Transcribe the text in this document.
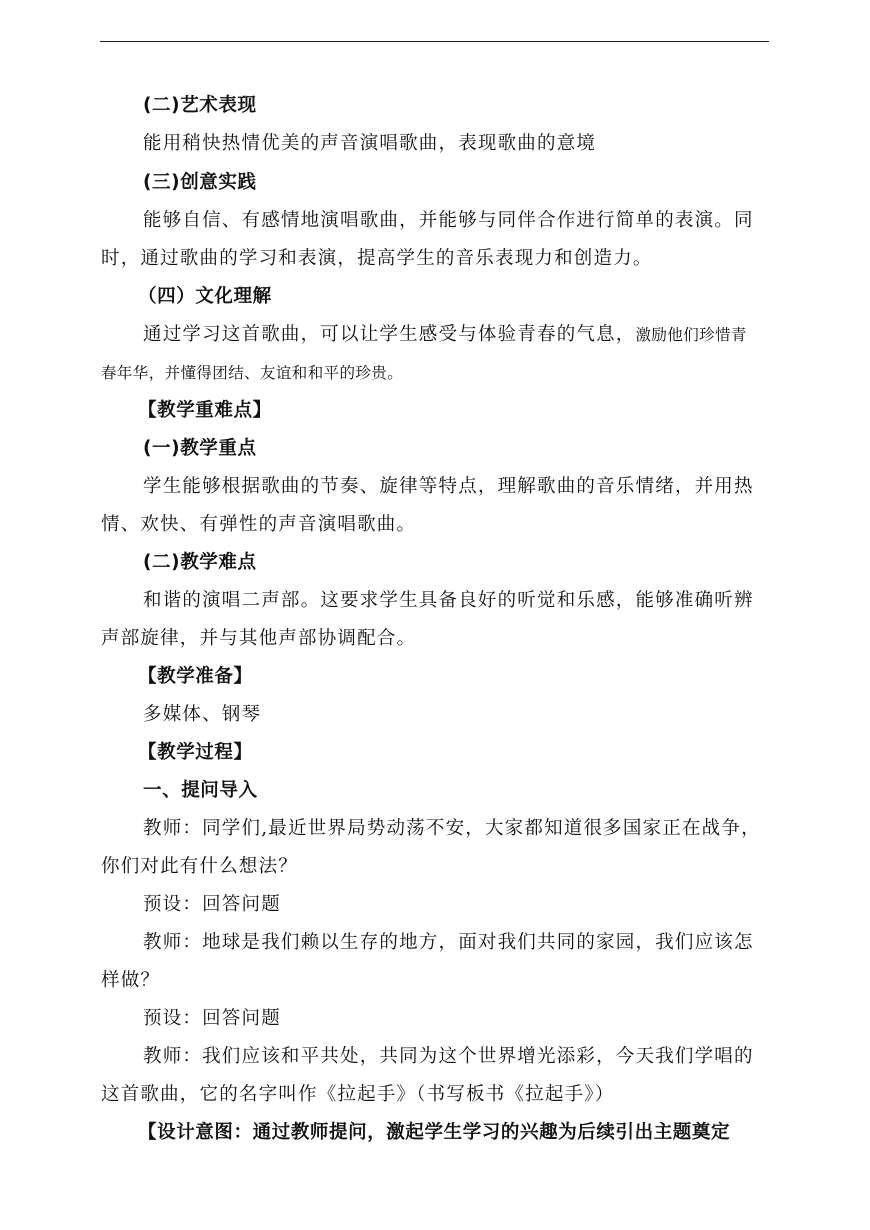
(二)艺术表现
能用稍快热情优美的声音演唱歌曲，表现歌曲的意境
(三)创意实践
能够自信、有感情地演唱歌曲，并能够与同伴合作进行简单的表演。同
时，通过歌曲的学习和表演，提高学生的音乐表现力和创造力。
（四）文化理解
通过学习这首歌曲，可以让学生感受与体验青春的气息，激励他们珍惜青
春年华，并懂得团结、友谊和和平的珍贵。
【教学重难点】
(一)教学重点
学生能够根据歌曲的节奏、旋律等特点，理解歌曲的音乐情绪，并用热
情、欢快、有弹性的声音演唱歌曲。
(二)教学难点
和谐的演唱二声部。这要求学生具备良好的听觉和乐感，能够准确听辨
声部旋律，并与其他声部协调配合。
【教学准备】
多媒体、钢琴
【教学过程】
一、提问导入
教师：同学们,最近世界局势动荡不安，大家都知道很多国家正在战争，
你们对此有什么想法？
预设：回答问题
教师：地球是我们赖以生存的地方，面对我们共同的家园，我们应该怎
样做？
预设：回答问题
教师：我们应该和平共处，共同为这个世界增光添彩，今天我们学唱的
这首歌曲，它的名字叫作《拉起手》（书写板书《拉起手》）
【设计意图：通过教师提问，激起学生学习的兴趣为后续引出主题奠定
